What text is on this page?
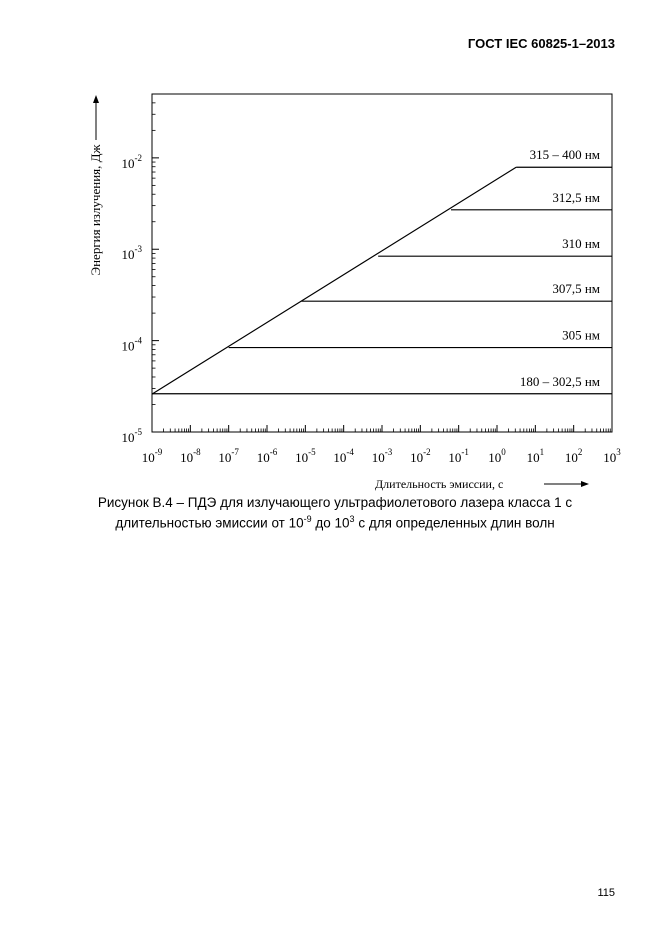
ГОСТ IEC 60825-1–2013
$10^{-9}$ $10^{-8}$ $10^{-7}$ $10^{-6}$ $10^{-5}$ $10^{-4}$ $10^{-3}$ $10^{-2}$ $10^{-1}$ $10^0$ $10^1$ $10^2$ $10^3$
$10^{-5}$
$10^{-4}$
$10^{-3}$
$10^{-2}$	315 – 400 нм
312,5 нм
310 нм
307,5 нм
305 нм
180 – 302,5 нм
Энергия излучения, Дж
Длительность эмиссии, с
Рисунок В.4 – ПДЭ для излучающего ультрафиолетового лазера класса 1 с
длительностью эмиссии от $10^{-9}$ до $10^3$ с для определенных длин волн
115
